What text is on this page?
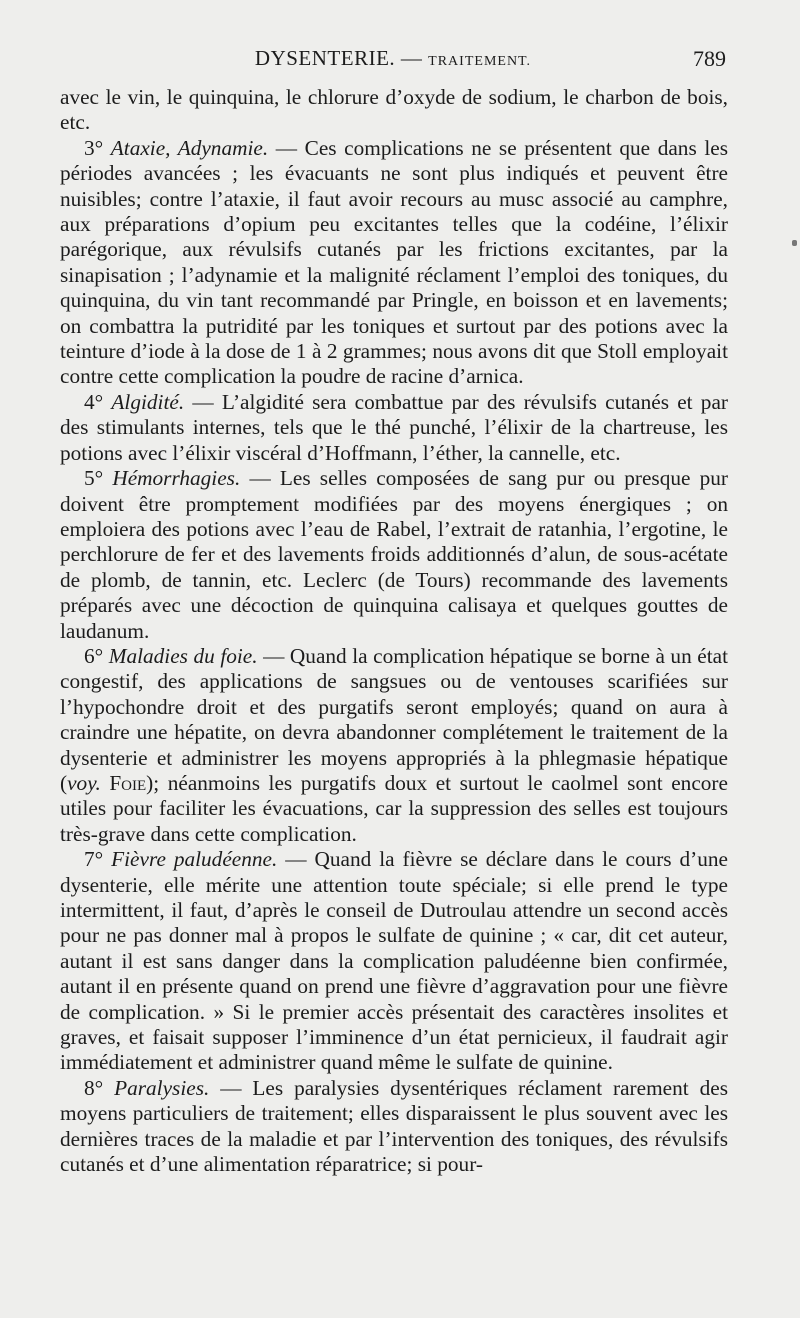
DYSENTERIE. — TRAITEMENT.	789

avec le vin, le quinquina, le chlorure d’oxyde de sodium, le charbon de bois, etc.

3° Ataxie, Adynamie. — Ces complications ne se présentent que dans les périodes avancées ; les évacuants ne sont plus indiqués et peuvent être nuisibles; contre l’ataxie, il faut avoir recours au musc associé au camphre, aux préparations d’opium peu excitantes telles que la codéine, l’élixir parégorique, aux révulsifs cutanés par les frictions excitantes, par la sinapisation ; l’adynamie et la malignité réclament l’emploi des toniques, du quinquina, du vin tant recommandé par Pringle, en boisson et en lavements; on combattra la putridité par les toniques et surtout par des potions avec la teinture d’iode à la dose de 1 à 2 grammes; nous avons dit que Stoll employait contre cette complication la poudre de racine d’arnica.

4° Algidité. — L’algidité sera combattue par des révulsifs cutanés et par des stimulants internes, tels que le thé punché, l’élixir de la chartreuse, les potions avec l’élixir viscéral d’Hoffmann, l’éther, la cannelle, etc.

5° Hémorrhagies. — Les selles composées de sang pur ou presque pur doivent être promptement modifiées par des moyens énergiques ; on emploiera des potions avec l’eau de Rabel, l’extrait de ratanhia, l’ergotine, le perchlorure de fer et des lavements froids additionnés d’alun, de sous-acétate de plomb, de tannin, etc. Leclerc (de Tours) recommande des lavements préparés avec une décoction de quinquina calisaya et quelques gouttes de laudanum.

6° Maladies du foie. — Quand la complication hépatique se borne à un état congestif, des applications de sangsues ou de ventouses scarifiées sur l’hypochondre droit et des purgatifs seront employés; quand on aura à craindre une hépatite, on devra abandonner complétement le traitement de la dysenterie et administrer les moyens appropriés à la phlegmasie hépatique (voy. Foie); néanmoins les purgatifs doux et surtout le caolmel sont encore utiles pour faciliter les évacuations, car la suppression des selles est toujours très-grave dans cette complication.

7° Fièvre paludéenne. — Quand la fièvre se déclare dans le cours d’une dysenterie, elle mérite une attention toute spéciale; si elle prend le type intermittent, il faut, d’après le conseil de Dutroulau attendre un second accès pour ne pas donner mal à propos le sulfate de quinine ; « car, dit cet auteur, autant il est sans danger dans la complication paludéenne bien confirmée, autant il en présente quand on prend une fièvre d’aggravation pour une fièvre de complication. » Si le premier accès présentait des caractères insolites et graves, et faisait supposer l’imminence d’un état pernicieux, il faudrait agir immédiatement et administrer quand même le sulfate de quinine.

8° Paralysies. — Les paralysies dysentériques réclament rarement des moyens particuliers de traitement; elles disparaissent le plus souvent avec les dernières traces de la maladie et par l’intervention des toniques, des révulsifs cutanés et d’une alimentation réparatrice; si pour-
